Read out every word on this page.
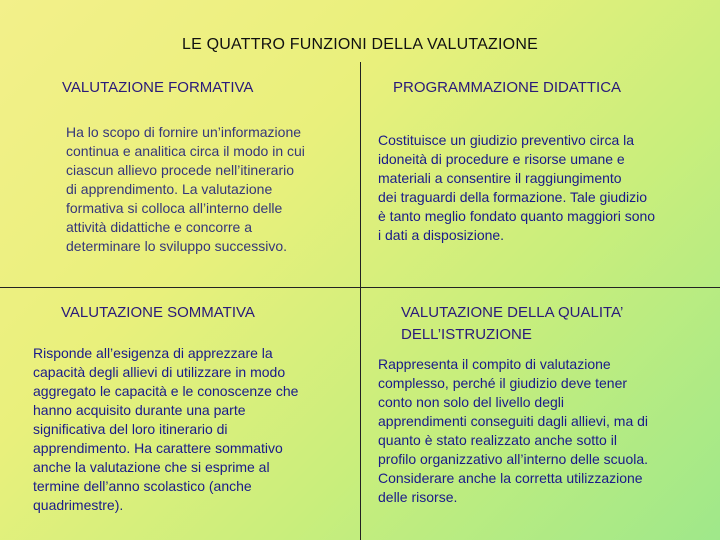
LE QUATTRO FUNZIONI DELLA VALUTAZIONE
VALUTAZIONE FORMATIVA

Ha lo scopo di fornire un’informazione
continua e analitica circa il modo in cui
ciascun allievo procede nell’itinerario
di apprendimento. La valutazione
formativa si colloca all’interno delle
attività didattiche e concorre a
determinare lo sviluppo successivo.

PROGRAMMAZIONE DIDATTICA

Costituisce un giudizio preventivo circa la
idoneità di procedure e risorse umane e
materiali a consentire il raggiungimento
dei traguardi della formazione. Tale giudizio
è tanto meglio fondato quanto maggiori sono
i dati a disposizione.

VALUTAZIONE SOMMATIVA

Risponde all’esigenza di apprezzare la
capacità degli allievi di utilizzare in modo
aggregato le capacità e le conoscenze che
hanno acquisito durante una parte
significativa del loro itinerario di
apprendimento. Ha carattere sommativo
anche la valutazione che si esprime al
termine dell’anno scolastico (anche
quadrimestre).

VALUTAZIONE DELLA QUALITA’
DELL’ISTRUZIONE

Rappresenta il compito di valutazione
complesso, perché il giudizio deve tener
conto non solo del livello degli
apprendimenti conseguiti dagli allievi, ma di
quanto è stato realizzato anche sotto il
profilo organizzativo all’interno delle scuola.
Considerare anche la corretta utilizzazione
delle risorse.
